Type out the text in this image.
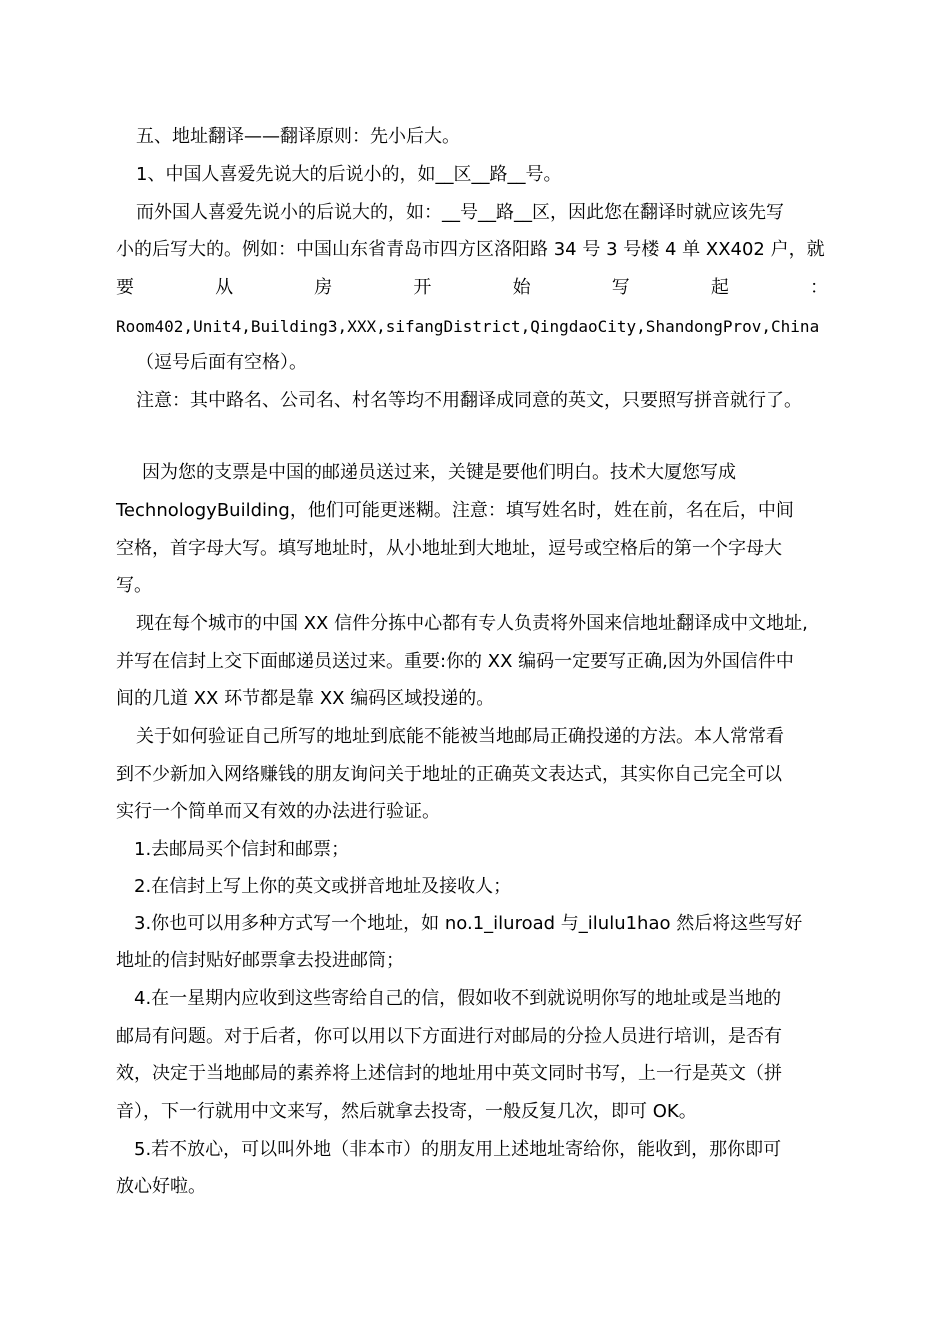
五、地址翻译——翻译原则：先小后大。
1、中国人喜爱先说大的后说小的，如__区__路__号。
而外国人喜爱先说小的后说大的，如：__号__路__区，因此您在翻译时就应该先写
小的后写大的。例如：中国山东省青岛市四方区洛阳路 34 号 3 号楼 4 单 XX402 户，就
要	从	房	开	始	写	起	：
Room402,Unit4,Building3,XXX,sifangDistrict,QingdaoCity,ShandongProv,China
（逗号后面有空格）。
注意：其中路名、公司名、村名等均不用翻译成同意的英文，只要照写拼音就行了。
因为您的支票是中国的邮递员送过来，关键是要他们明白。技术大厦您写成
TechnologyBuilding，他们可能更迷糊。注意：填写姓名时，姓在前，名在后，中间
空格，首字母大写。填写地址时，从小地址到大地址，逗号或空格后的第一个字母大
写。
现在每个城市的中国 XX 信件分拣中心都有专人负责将外国来信地址翻译成中文地址,
并写在信封上交下面邮递员送过来。重要:你的 XX 编码一定要写正确,因为外国信件中
间的几道 XX 环节都是靠 XX 编码区域投递的。
关于如何验证自己所写的地址到底能不能被当地邮局正确投递的方法。本人常常看
到不少新加入网络赚钱的朋友询问关于地址的正确英文表达式，其实你自己完全可以
实行一个简单而又有效的办法进行验证。
1.去邮局买个信封和邮票；
2.在信封上写上你的英文或拼音地址及接收人；
3.你也可以用多种方式写一个地址，如 no.1_iluroad 与_ilulu1hao 然后将这些写好
地址的信封贴好邮票拿去投进邮筒；
4.在一星期内应收到这些寄给自己的信，假如收不到就说明你写的地址或是当地的
邮局有问题。对于后者，你可以用以下方面进行对邮局的分捡人员进行培训，是否有
效，决定于当地邮局的素养将上述信封的地址用中英文同时书写，上一行是英文（拼
音），下一行就用中文来写，然后就拿去投寄，一般反复几次，即可 OK。
5.若不放心，可以叫外地（非本市）的朋友用上述地址寄给你，能收到，那你即可
放心好啦。
